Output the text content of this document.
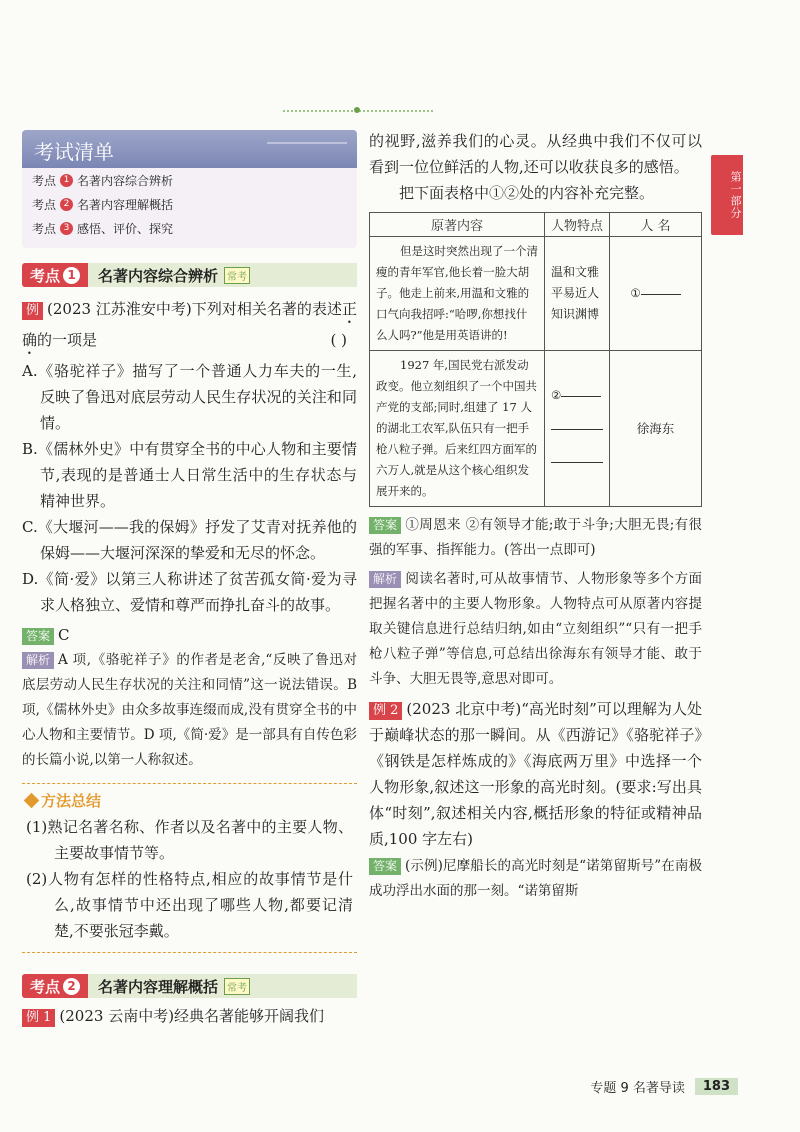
第一部分
考试清单
考点 1 名著内容综合辨析
考点 2 名著内容理解概括
考点 3 感悟、评价、探究
考点 1 名著内容综合辨析 常考
例 (2023 江苏淮安中考)下列对相关名著的表述正确的一项是	( )
A.《骆驼祥子》描写了一个普通人力车夫的一生,反映了鲁迅对底层劳动人民生存状况的关注和同情。
B.《儒林外史》中有贯穿全书的中心人物和主要情节,表现的是普通士人日常生活中的生存状态与精神世界。
C.《大堰河——我的保姆》抒发了艾青对抚养他的保姆——大堰河深深的挚爱和无尽的怀念。
D.《简·爱》以第三人称讲述了贫苦孤女简·爱为寻求人格独立、爱情和尊严而挣扎奋斗的故事。
答案 C
解析 A 项,《骆驼祥子》的作者是老舍,“反映了鲁迅对底层劳动人民生存状况的关注和同情”这一说法错误。B 项,《儒林外史》由众多故事连缀而成,没有贯穿全书的中心人物和主要情节。D 项,《简·爱》是一部具有自传色彩的长篇小说,以第一人称叙述。
方法总结
(1)熟记名著名称、作者以及名著中的主要人物、主要故事情节等。
(2)人物有怎样的性格特点,相应的故事情节是什么,故事情节中还出现了哪些人物,都要记清楚,不要张冠李戴。
考点 2 名著内容理解概括 常考
例 1 (2023 云南中考)经典名著能够开阔我们
的视野,滋养我们的心灵。从经典中我们不仅可以看到一位位鲜活的人物,还可以收获良多的感悟。
把下面表格中①②处的内容补充完整。
原著内容	人物特点	人 名
但是这时突然出现了一个清瘦的青年军官,他长着一脸大胡子。他走上前来,用温和文雅的口气向我招呼:“哈啰,你想找什么人吗?”他是用英语讲的!	温和文雅平易近人知识渊博	①
1927 年,国民党右派发动政变。他立刻组织了一个中国共产党的支部;同时,组建了 17 人的湖北工农军,队伍只有一把手枪八粒子弹。后来红四方面军的六万人,就是从这个核心组织发展开来的。	②	徐海东
答案 ①周恩来 ②有领导才能;敢于斗争;大胆无畏;有很强的军事、指挥能力。(答出一点即可)
解析 阅读名著时,可从故事情节、人物形象等多个方面把握名著中的主要人物形象。人物特点可从原著内容提取关键信息进行总结归纳,如由“立刻组织”“只有一把手枪八粒子弹”等信息,可总结出徐海东有领导才能、敢于斗争、大胆无畏等,意思对即可。
例 2 (2023 北京中考)“高光时刻”可以理解为人处于巅峰状态的那一瞬间。从《西游记》《骆驼祥子》《钢铁是怎样炼成的》《海底两万里》中选择一个人物形象,叙述这一形象的高光时刻。(要求:写出具体“时刻”,叙述相关内容,概括形象的特征或精神品质,100 字左右)
答案 (示例)尼摩船长的高光时刻是“诺第留斯号”在南极成功浮出水面的那一刻。“诺第留斯
专题 9 名著导读	183
